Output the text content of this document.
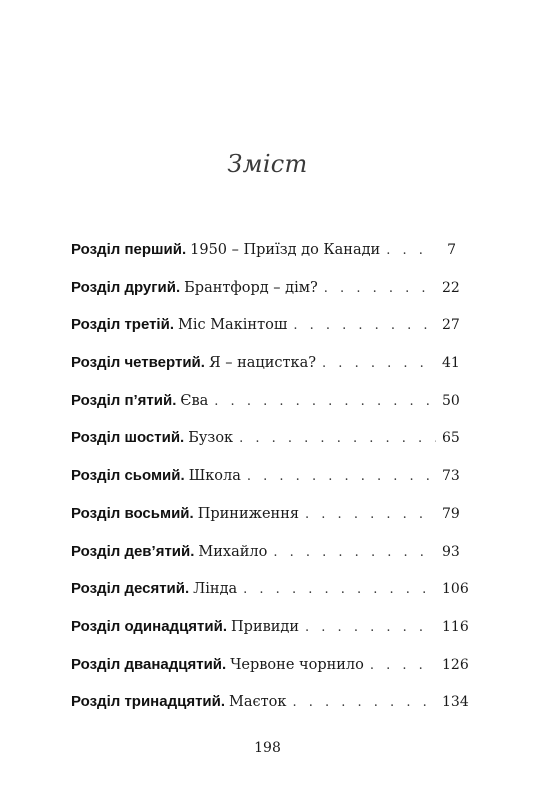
Зміст
Розділ перший . 1950 – Приїзд до Канади . . .	7
Розділ другий . Брантфорд – дім? . . .	22
Розділ третій . Міс Макінтош . . .	27
Розділ четвертий . Я – нацистка? . . .	41
Розділ п’ятий . Єва . . .	50
Розділ шостий . Бузок . . .	65
Розділ сьомий . Школа . . .	73
Розділ восьмий . Приниження . . .	79
Розділ дев’ятий . Михайло . . .	93
Розділ десятий . Лінда . . .	106
Розділ одинадцятий . Привиди . . .	116
Розділ дванадцятий . Червоне чорнило . . .	126
Розділ тринадцятий . Маєток . . .	134
198
